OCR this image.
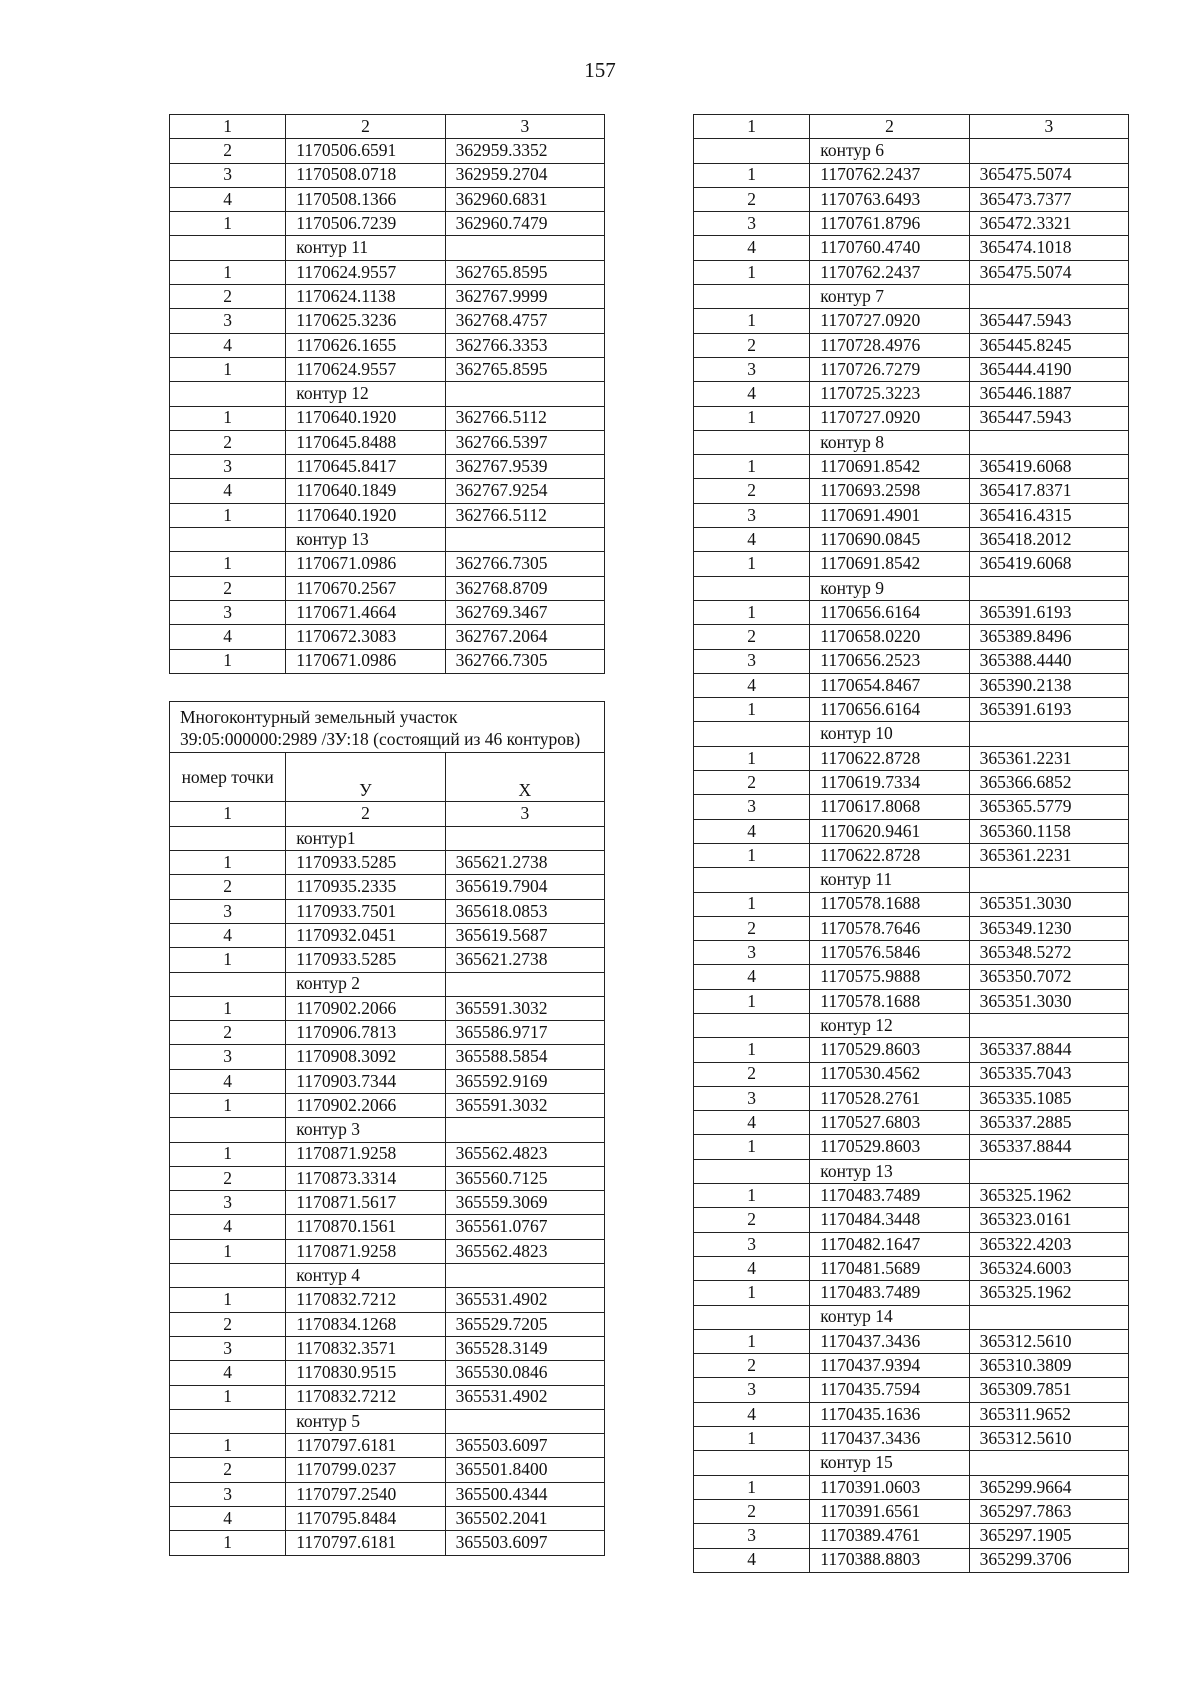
157
1	2	3
2	1170506.6591	362959.3352
3	1170508.0718	362959.2704
4	1170508.1366	362960.6831
1	1170506.7239	362960.7479
	контур 11	
1	1170624.9557	362765.8595
2	1170624.1138	362767.9999
3	1170625.3236	362768.4757
4	1170626.1655	362766.3353
1	1170624.9557	362765.8595
	контур 12	
1	1170640.1920	362766.5112
2	1170645.8488	362766.5397
3	1170645.8417	362767.9539
4	1170640.1849	362767.9254
1	1170640.1920	362766.5112
	контур 13	
1	1170671.0986	362766.7305
2	1170670.2567	362768.8709
3	1170671.4664	362769.3467
4	1170672.3083	362767.2064
1	1170671.0986	362766.7305
Многоконтурный земельный участок 39:05:000000:2989 /ЗУ:18 (состоящий из 46 контуров)		
номер точки	У	Х
1	2	3
	контур1	
1	1170933.5285	365621.2738
2	1170935.2335	365619.7904
3	1170933.7501	365618.0853
4	1170932.0451	365619.5687
1	1170933.5285	365621.2738
	контур 2	
1	1170902.2066	365591.3032
2	1170906.7813	365586.9717
3	1170908.3092	365588.5854
4	1170903.7344	365592.9169
1	1170902.2066	365591.3032
	контур 3	
1	1170871.9258	365562.4823
2	1170873.3314	365560.7125
3	1170871.5617	365559.3069
4	1170870.1561	365561.0767
1	1170871.9258	365562.4823
	контур 4	
1	1170832.7212	365531.4902
2	1170834.1268	365529.7205
3	1170832.3571	365528.3149
4	1170830.9515	365530.0846
1	1170832.7212	365531.4902
	контур 5	
1	1170797.6181	365503.6097
2	1170799.0237	365501.8400
3	1170797.2540	365500.4344
4	1170795.8484	365502.2041
1	1170797.6181	365503.6097
1	2	3
	контур 6	
1	1170762.2437	365475.5074
2	1170763.6493	365473.7377
3	1170761.8796	365472.3321
4	1170760.4740	365474.1018
1	1170762.2437	365475.5074
	контур 7	
1	1170727.0920	365447.5943
2	1170728.4976	365445.8245
3	1170726.7279	365444.4190
4	1170725.3223	365446.1887
1	1170727.0920	365447.5943
	контур 8	
1	1170691.8542	365419.6068
2	1170693.2598	365417.8371
3	1170691.4901	365416.4315
4	1170690.0845	365418.2012
1	1170691.8542	365419.6068
	контур 9	
1	1170656.6164	365391.6193
2	1170658.0220	365389.8496
3	1170656.2523	365388.4440
4	1170654.8467	365390.2138
1	1170656.6164	365391.6193
	контур 10	
1	1170622.8728	365361.2231
2	1170619.7334	365366.6852
3	1170617.8068	365365.5779
4	1170620.9461	365360.1158
1	1170622.8728	365361.2231
	контур 11	
1	1170578.1688	365351.3030
2	1170578.7646	365349.1230
3	1170576.5846	365348.5272
4	1170575.9888	365350.7072
1	1170578.1688	365351.3030
	контур 12	
1	1170529.8603	365337.8844
2	1170530.4562	365335.7043
3	1170528.2761	365335.1085
4	1170527.6803	365337.2885
1	1170529.8603	365337.8844
	контур 13	
1	1170483.7489	365325.1962
2	1170484.3448	365323.0161
3	1170482.1647	365322.4203
4	1170481.5689	365324.6003
1	1170483.7489	365325.1962
	контур 14	
1	1170437.3436	365312.5610
2	1170437.9394	365310.3809
3	1170435.7594	365309.7851
4	1170435.1636	365311.9652
1	1170437.3436	365312.5610
	контур 15	
1	1170391.0603	365299.9664
2	1170391.6561	365297.7863
3	1170389.4761	365297.1905
4	1170388.8803	365299.3706
